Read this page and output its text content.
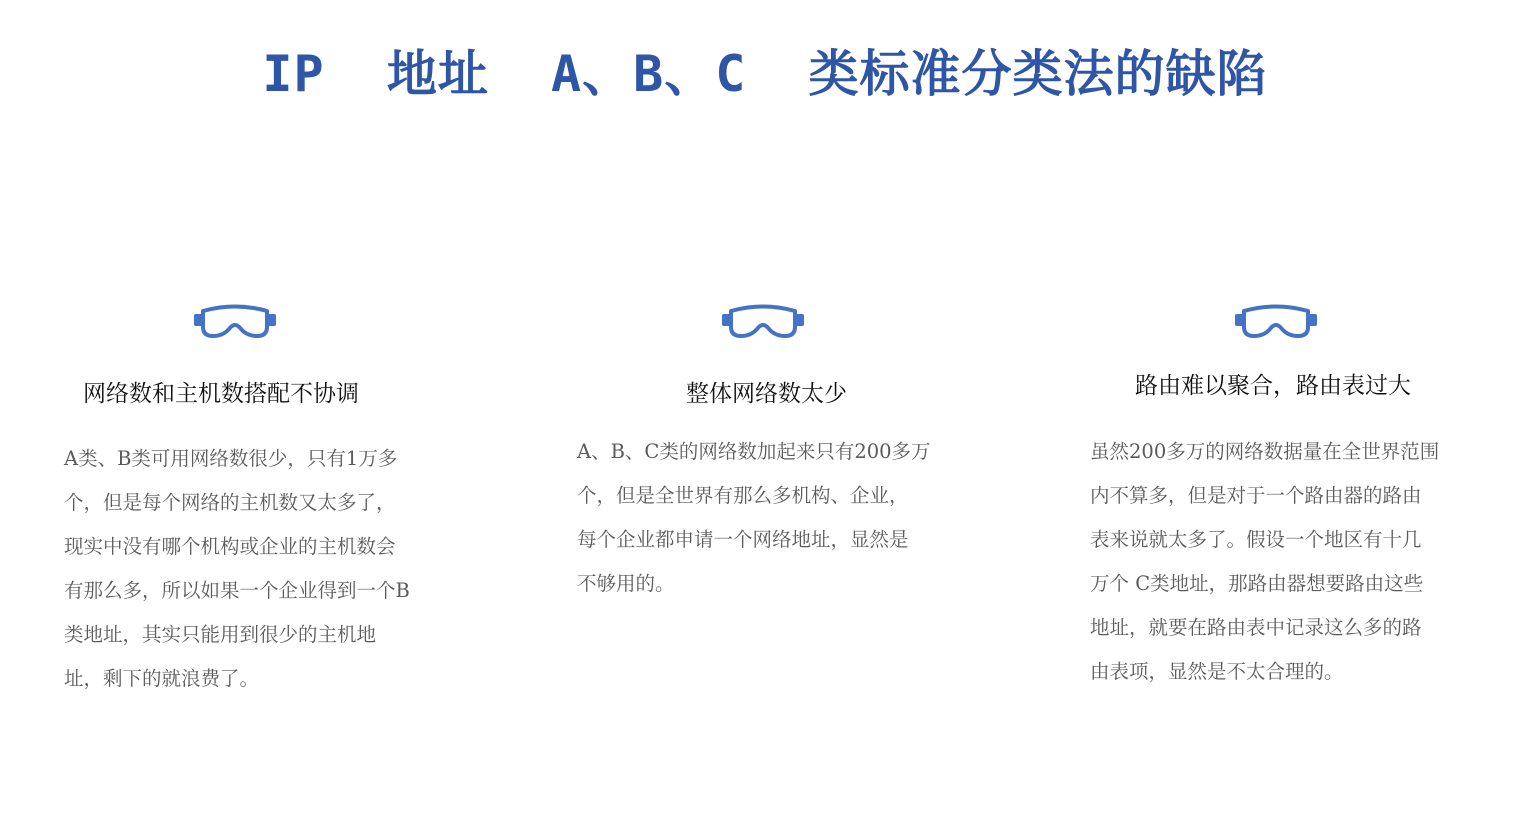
IP  地址  A、B、C  类标准分类法的缺陷
网络数和主机数搭配不协调
A类、B类可用网络数很少，只有1万多
个，但是每个网络的主机数又太多了，
现实中没有哪个机构或企业的主机数会
有那么多，所以如果一个企业得到一个B
类地址，其实只能用到很少的主机地
址，剩下的就浪费了。
整体网络数太少
A、B、C类的网络数加起来只有200多万
个，但是全世界有那么多机构、企业，
每个企业都申请一个网络地址，显然是
不够用的。
路由难以聚合，路由表过大
虽然200多万的网络数据量在全世界范围
内不算多，但是对于一个路由器的路由
表来说就太多了。假设一个地区有十几
万个 C类地址，那路由器想要路由这些
地址，就要在路由表中记录这么多的路
由表项，显然是不太合理的。
